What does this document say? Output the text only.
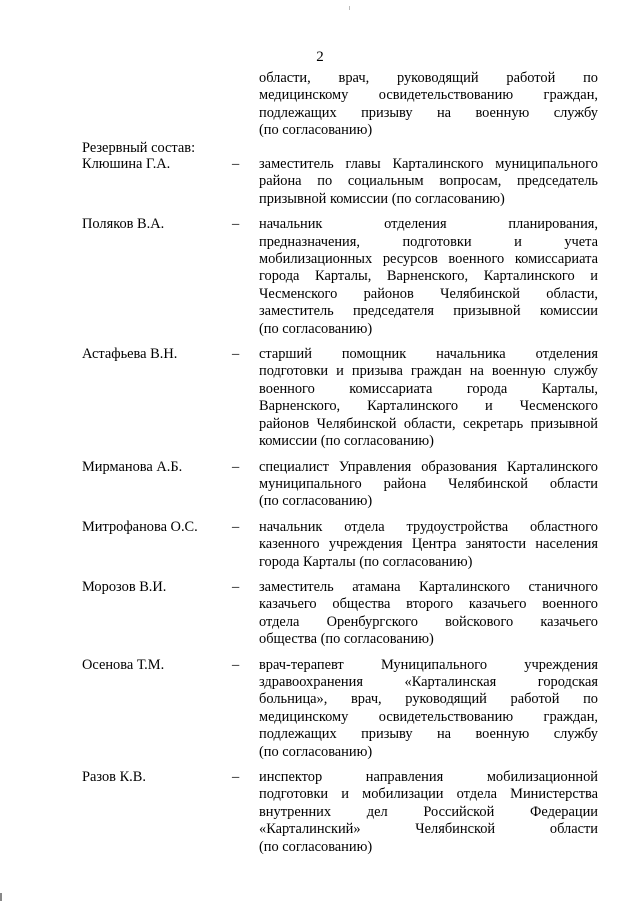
2
области, врач, руководящий работой по
медицинскому освидетельствованию граждан,
подлежащих призыву на военную службу
(по согласованию)
Резервный состав:
Клюшина Г.А.	– заместитель главы Карталинского муниципального
района по социальным вопросам, председатель
призывной комиссии (по согласованию)
Поляков В.А.	– начальник отделения планирования,
предназначения, подготовки и учета
мобилизационных ресурсов военного комиссариата
города Карталы, Варненского, Карталинского и
Чесменского районов Челябинской области,
заместитель председателя призывной комиссии
(по согласованию)
Астафьева В.Н.	– старший помощник начальника отделения
подготовки и призыва граждан на военную службу
военного комиссариата города Карталы,
Варненского, Карталинского и Чесменского
районов Челябинской области, секретарь призывной
комиссии (по согласованию)
Мирманова А.Б.	– специалист Управления образования Карталинского
муниципального района Челябинской области
(по согласованию)
Митрофанова О.С. – начальник отдела трудоустройства областного
казенного учреждения Центра занятости населения
города Карталы (по согласованию)
Морозов В.И.	– заместитель атамана Карталинского станичного
казачьего общества второго казачьего военного
отдела Оренбургского войскового казачьего
общества (по согласованию)
Осенова Т.М.	– врач-терапевт Муниципального учреждения
здравоохранения «Карталинская городская
больница», врач, руководящий работой по
медицинскому освидетельствованию граждан,
подлежащих призыву на военную службу
(по согласованию)
Разов К.В.	– инспектор направления мобилизационной
подготовки и мобилизации отдела Министерства
внутренних дел Российской Федерации
«Карталинский» Челябинской области
(по согласованию)
